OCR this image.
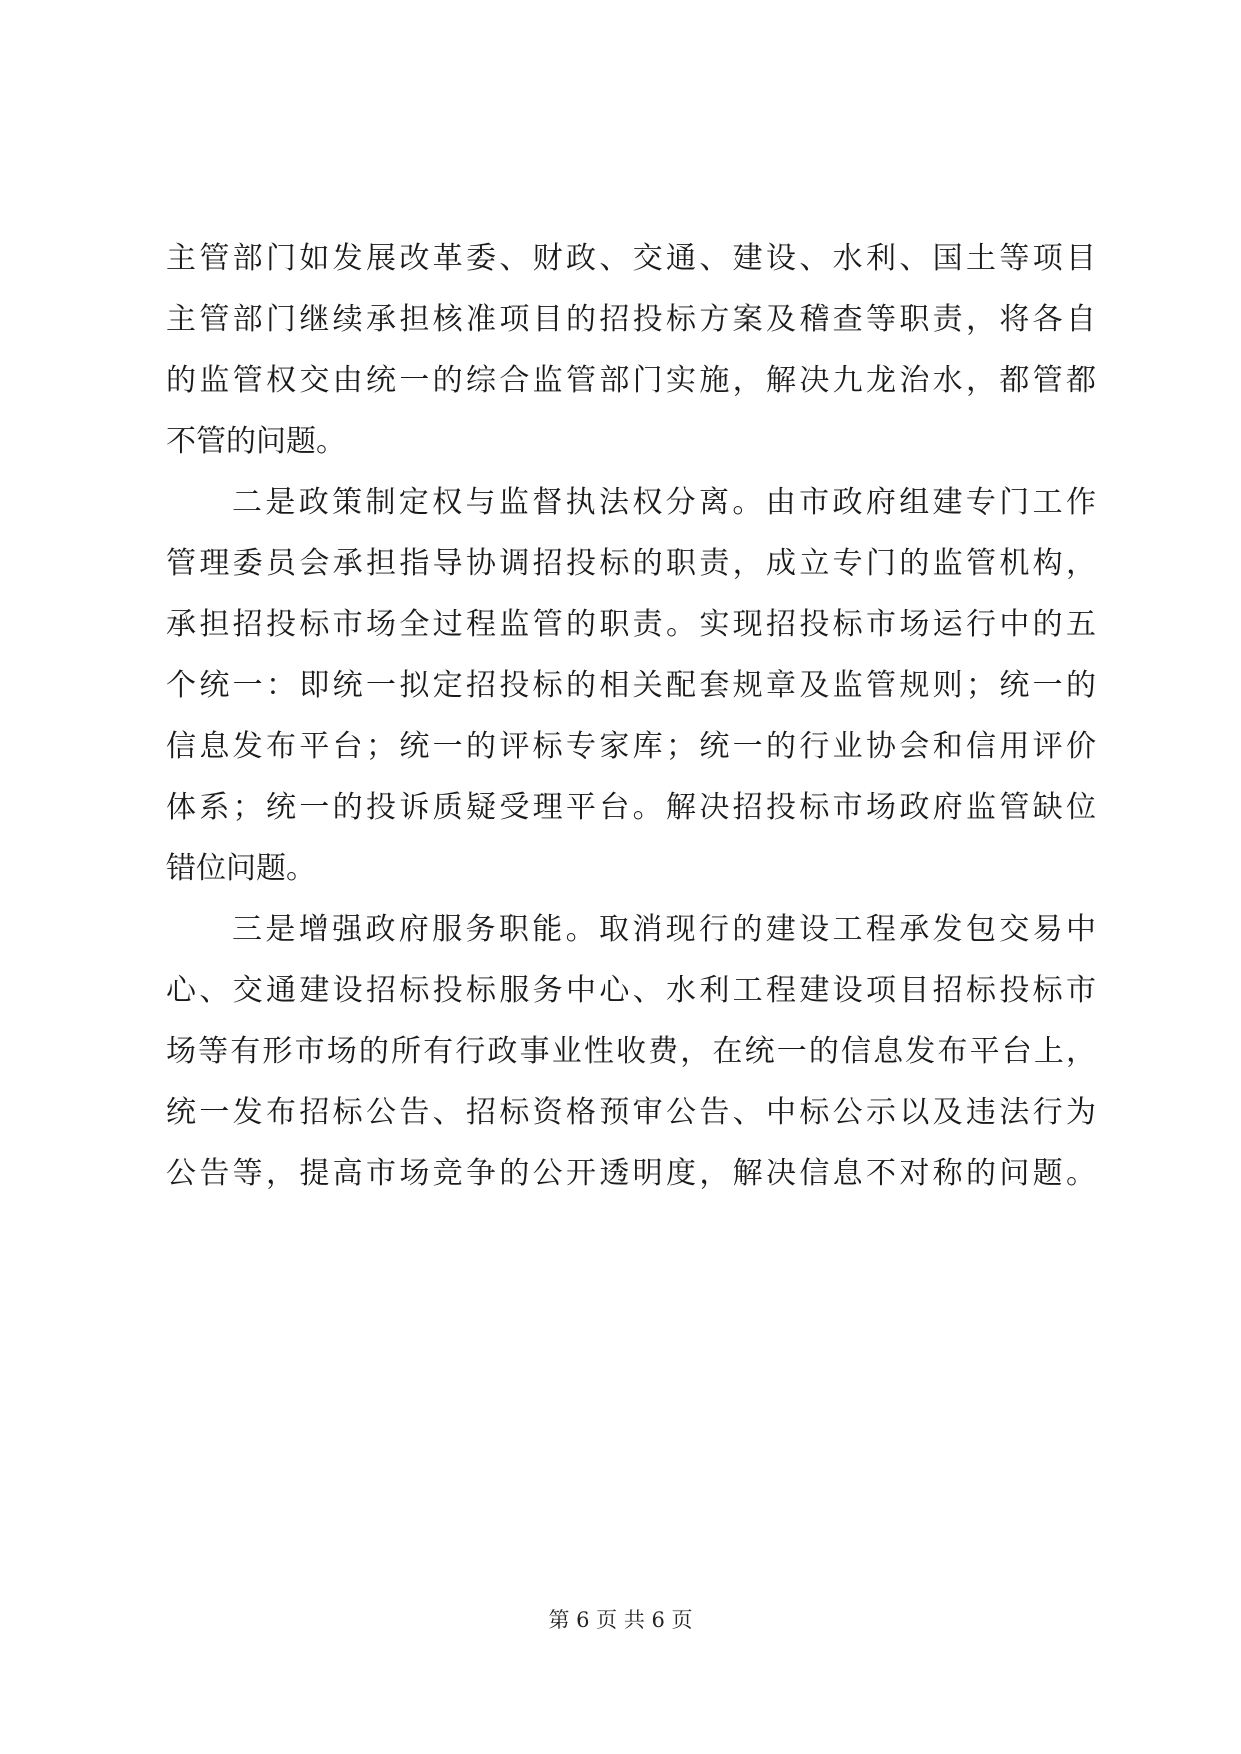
主管部门如发展改革委、财政、交通、建设、水利、国土等项目
主管部门继续承担核准项目的招投标方案及稽查等职责，将各自
的监管权交由统一的综合监管部门实施，解决九龙治水，都管都
不管的问题。
二是政策制定权与监督执法权分离。由市政府组建专门工作
管理委员会承担指导协调招投标的职责，成立专门的监管机构，
承担招投标市场全过程监管的职责。实现招投标市场运行中的五
个统一：即统一拟定招投标的相关配套规章及监管规则；统一的
信息发布平台；统一的评标专家库；统一的行业协会和信用评价
体系；统一的投诉质疑受理平台。解决招投标市场政府监管缺位
错位问题。
三是增强政府服务职能。取消现行的建设工程承发包交易中
心、交通建设招标投标服务中心、水利工程建设项目招标投标市
场等有形市场的所有行政事业性收费，在统一的信息发布平台上，
统一发布招标公告、招标资格预审公告、中标公示以及违法行为
公告等，提高市场竞争的公开透明度，解决信息不对称的问题。
第 6 页 共 6 页
